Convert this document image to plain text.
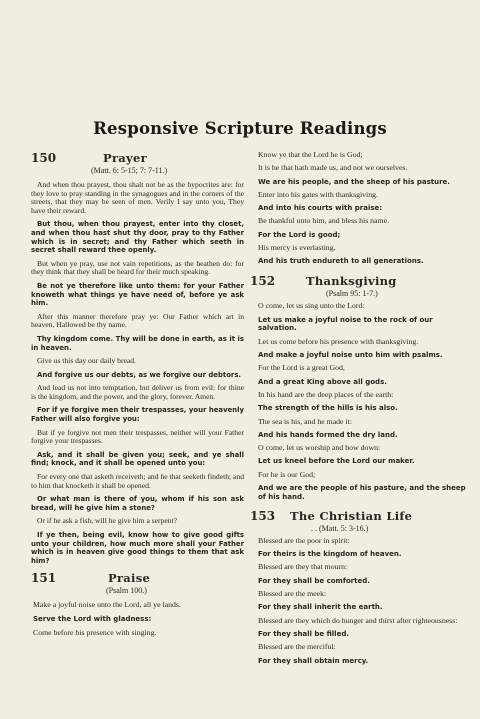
Responsive Scripture Readings
150	Prayer
(Matt. 6: 5-15; 7: 7-11.)

And when thou prayest, thou shalt not be as the hypocrites are: for they love to pray standing in the synagogues and in the corners of the streets, that they may be seen of men. Verily I say unto you, They have their reward.

But thou, when thou prayest, enter into thy closet, and when thou hast shut thy door, pray to thy Father which is in secret; and thy Father which seeth in secret shall reward thee openly.

But when ye pray, use not vain repetitions, as the heathen do: for they think that they shall be heard for their much speaking.

Be not ye therefore like unto them: for your Father knoweth what things ye have need of, before ye ask him.

After this manner therefore pray ye: Our Father which art in heaven, Hallowed be thy name.

Thy kingdom come. Thy will be done in earth, as it is in heaven.

Give us this day our daily bread.

And forgive us our debts, as we forgive our debtors.

And lead us not into temptation, but deliver us from evil: for thine is the kingdom, and the power, and the glory, forever. Amen.

For if ye forgive men their trespasses, your heavenly Father will also forgive you:

But if ye forgive not men their trespasses, neither will your Father forgive your trespasses.

Ask, and it shall be given you; seek, and ye shall find; knock, and it shall be opened unto you:

For every one that asketh receiveth; and he that seeketh findeth; and to him that knocketh it shall be opened.

Or what man is there of you, whom if his son ask bread, will he give him a stone?

Or if he ask a fish, will he give him a serpent?

If ye then, being evil, know how to give good gifts unto your children, how much more shall your Father which is in heaven give good things to them that ask him?

151	Praise
(Psalm 100.)
Make a joyful noise unto the Lord, all ye lands.
Serve the Lord with gladness:
Come before his presence with singing.
Know ye that the Lord he is God;
It is he that hath made us, and not we ourselves.
We are his people, and the sheep of his pasture.
Enter into his gates with thanksgiving.
And into his courts with praise:
Be thankful unto him, and bless his name.
For the Lord is good;
His mercy is everlasting,
And his truth endureth to all generations.
152	Thanksgiving
(Psalm 95: 1-7.)
O come, let us sing unto the Lord:
Let us make a joyful noise to the rock of our salvation.
Let us come before his presence with thanksgiving.
And make a joyful noise unto him with psalms.
For the Lord is a great God,
And a great King above all gods.
In his hand are the deep places of the earth:
The strength of the hills is his also.
The sea is his, and he made it:
And his hands formed the dry land.
O come, let us worship and bow down:
Let us kneel before the Lord our maker.
For he is our God;
And we are the people of his pasture, and the sheep of his hand.
153 The Christian Life
. . (Matt. 5: 3-16.)
Blessed are the poor in spirit:
For theirs is the kingdom of heaven.
Blessed are they that mourn:
For they shall be comforted.
Blessed are the meek:
For they shall inherit the earth.
Blessed are they which do hunger and thirst after righteousness:
For they shall be filled.
Blessed are the merciful:
For they shall obtain mercy.
